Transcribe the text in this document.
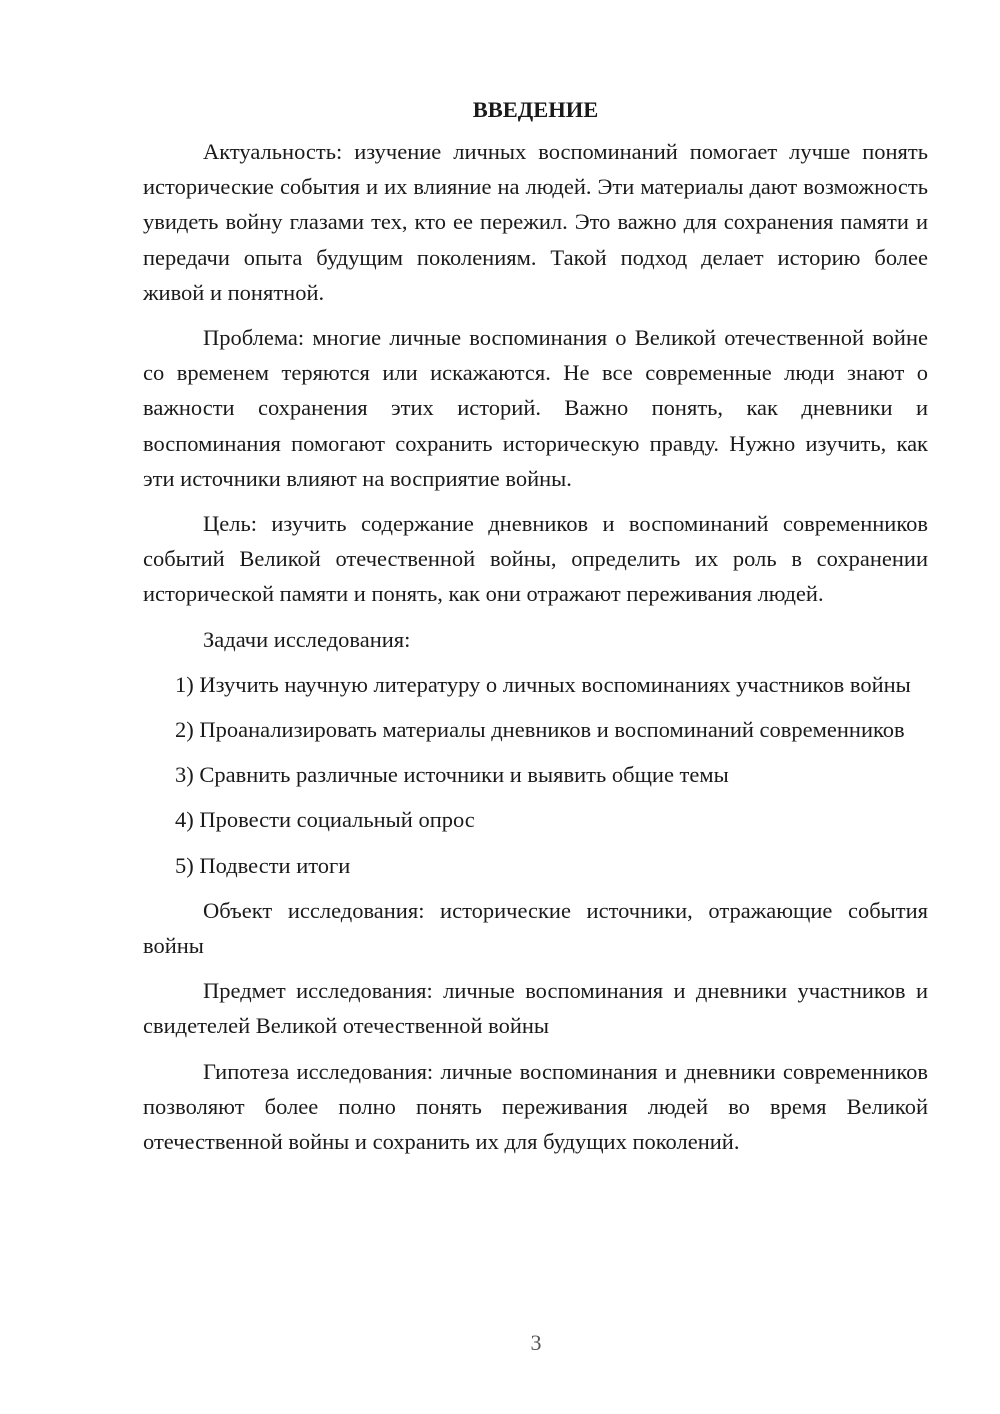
ВВЕДЕНИЕ

Актуальность: изучение личных воспоминаний помогает лучше понять исторические события и их влияние на людей. Эти материалы дают возможность увидеть войну глазами тех, кто ее пережил. Это важно для сохранения памяти и передачи опыта будущим поколениям. Такой подход делает историю более живой и понятной.

Проблема: многие личные воспоминания о Великой отечественной войне со временем теряются или искажаются. Не все современные люди знают о важности сохранения этих историй. Важно понять, как дневники и воспоминания помогают сохранить историческую правду. Нужно изучить, как эти источники влияют на восприятие войны.

Цель: изучить содержание дневников и воспоминаний современников событий Великой отечественной войны, определить их роль в сохранении исторической памяти и понять, как они отражают переживания людей.

Задачи исследования:

1) Изучить научную литературу о личных воспоминаниях участников войны

2) Проанализировать материалы дневников и воспоминаний современников

3) Сравнить различные источники и выявить общие темы

4) Провести социальный опрос

5) Подвести итоги

Объект исследования: исторические источники, отражающие события войны

Предмет исследования: личные воспоминания и дневники участников и свидетелей Великой отечественной войны

Гипотеза исследования: личные воспоминания и дневники современников позволяют более полно понять переживания людей во время Великой отечественной войны и сохранить их для будущих поколений.

3
